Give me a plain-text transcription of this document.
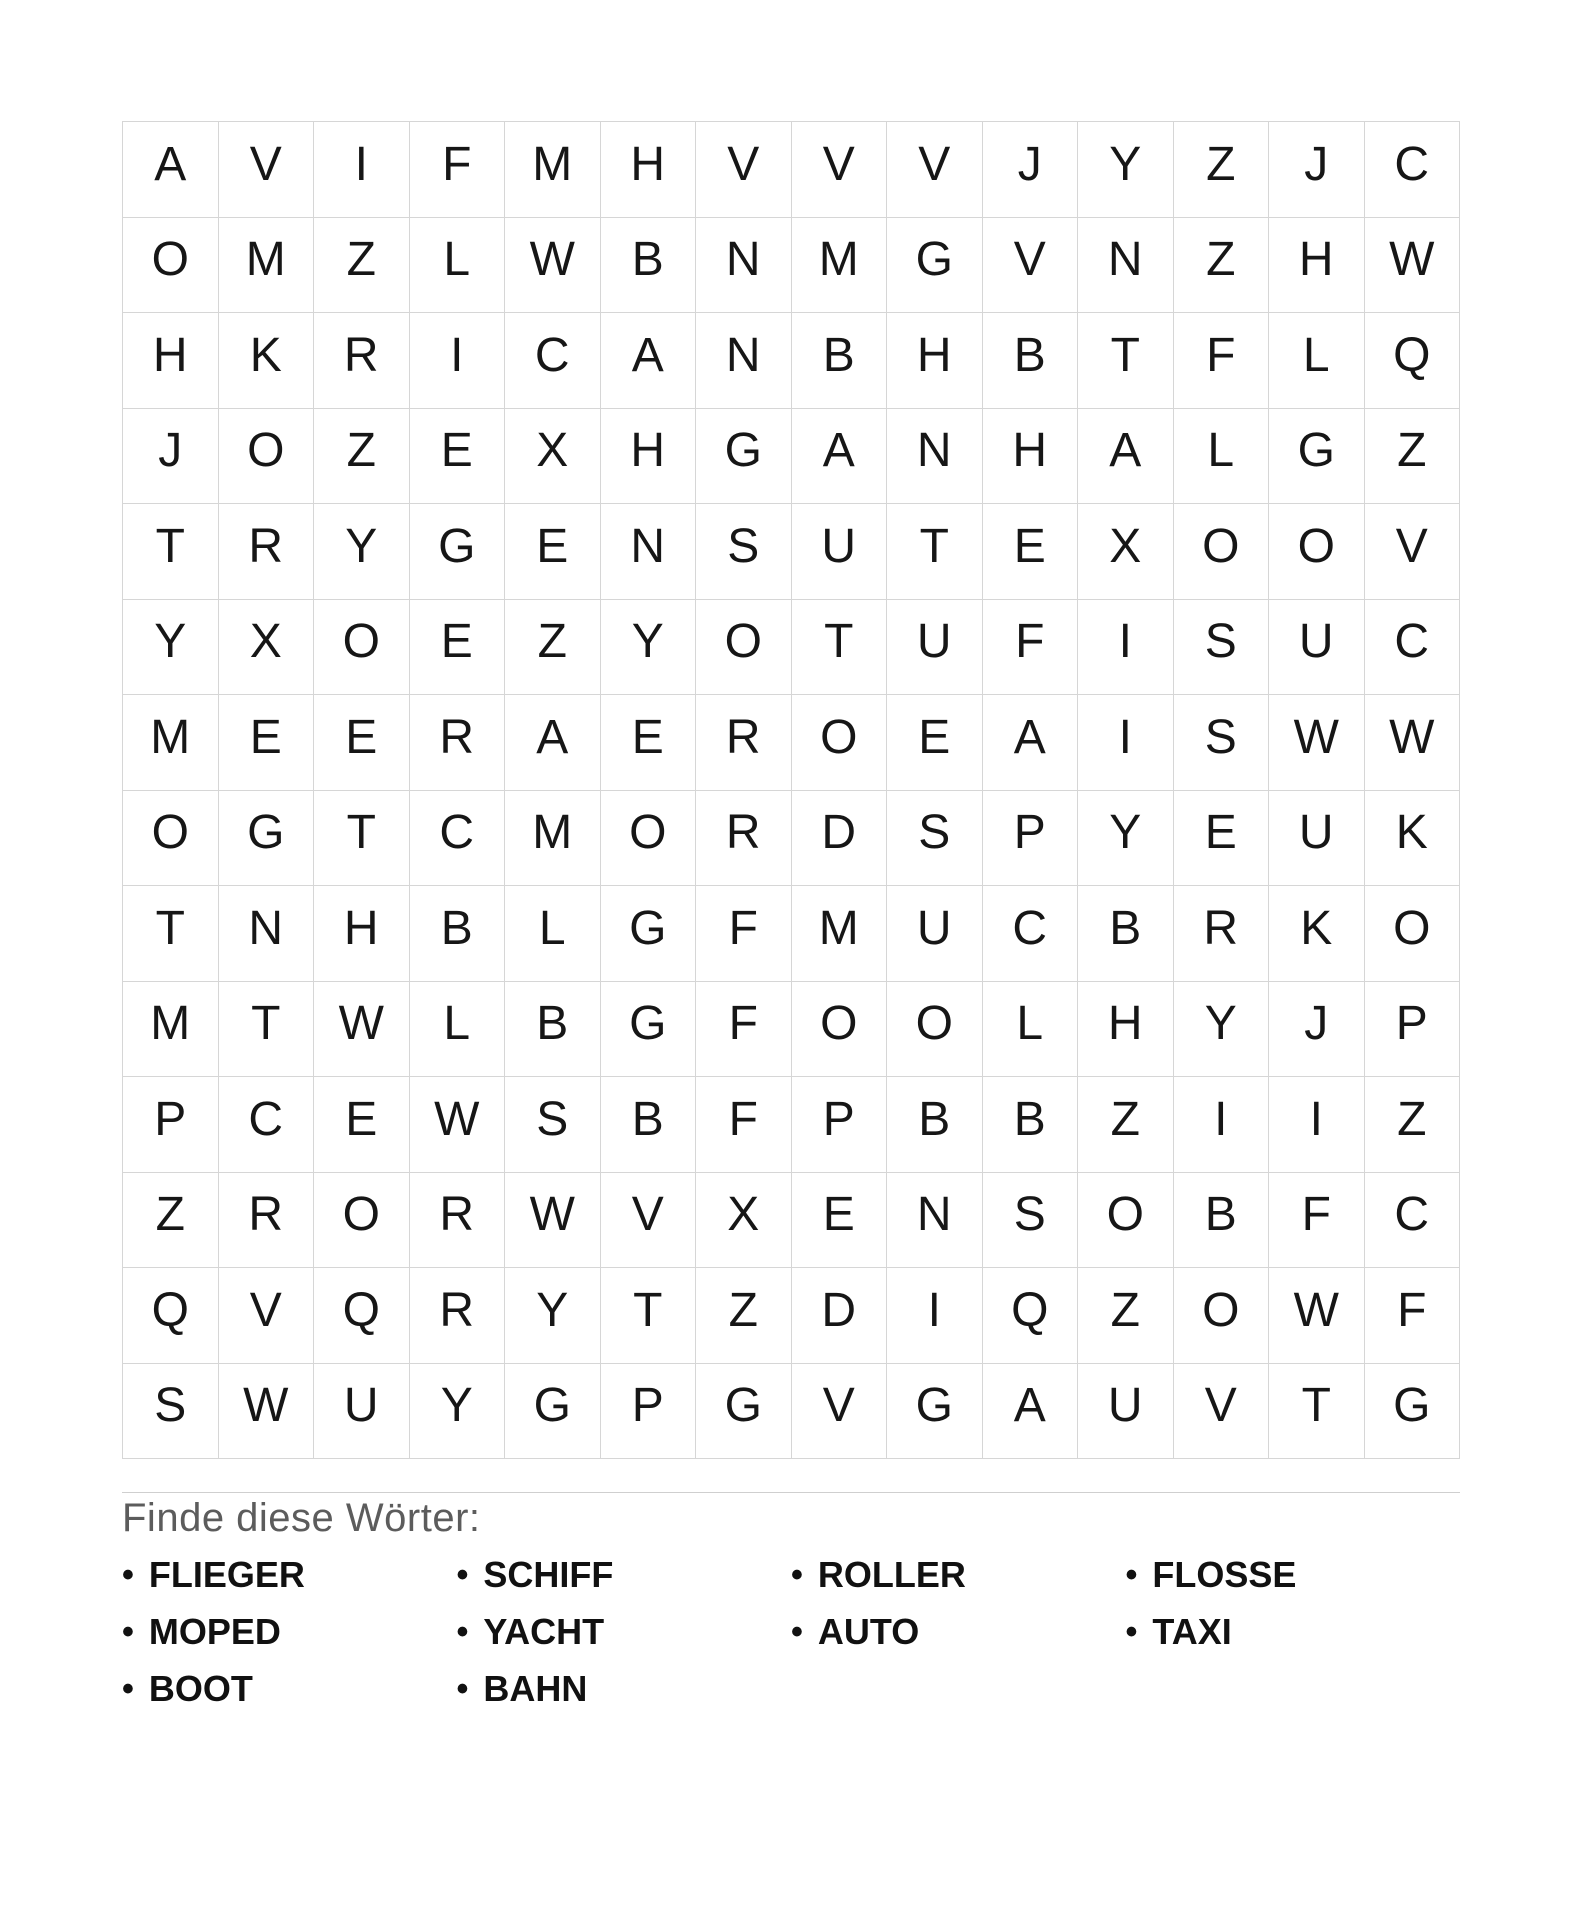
A	V	I	F	M	H	V	V	V	J	Y	Z	J	C
O	M	Z	L	W	B	N	M	G	V	N	Z	H	W
H	K	R	I	C	A	N	B	H	B	T	F	L	Q
J	O	Z	E	X	H	G	A	N	H	A	L	G	Z
T	R	Y	G	E	N	S	U	T	E	X	O	O	V
Y	X	O	E	Z	Y	O	T	U	F	I	S	U	C
M	E	E	R	A	E	R	O	E	A	I	S	W	W
O	G	T	C	M	O	R	D	S	P	Y	E	U	K
T	N	H	B	L	G	F	M	U	C	B	R	K	O
M	T	W	L	B	G	F	O	O	L	H	Y	J	P
P	C	E	W	S	B	F	P	B	B	Z	I	I	Z
Z	R	O	R	W	V	X	E	N	S	O	B	F	C
Q	V	Q	R	Y	T	Z	D	I	Q	Z	O	W	F
S	W	U	Y	G	P	G	V	G	A	U	V	T	G
Finde diese Wörter:
• FLIEGER
• MOPED
• BOOT
• SCHIFF
• YACHT
• BAHN
• ROLLER
• AUTO
• FLOSSE
• TAXI
